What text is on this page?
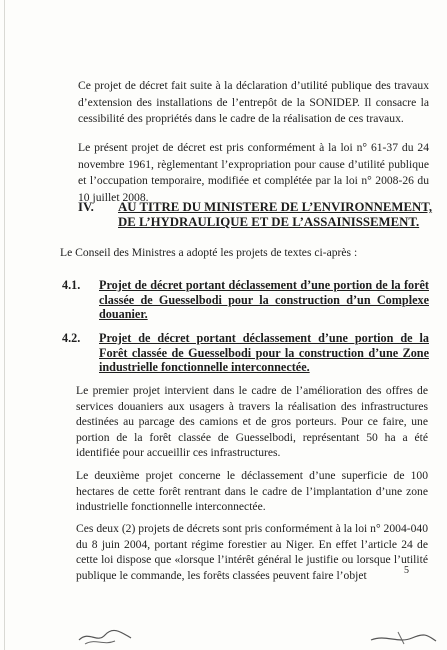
Ce projet de décret fait suite à la déclaration d’utilité publique des travaux d’extension des installations de l’entrepôt de la SONIDEP. Il consacre la cessibilité des propriétés dans le cadre de la réalisation de ces travaux.

Le présent projet de décret est pris conformément à la loi n° 61-37 du 24 novembre 1961, règlementant l’expropriation pour cause d’utilité publique et l’occupation temporaire, modifiée et complétée par la loi n° 2008-26 du 10 juillet 2008.

IV. AU TITRE DU MINISTERE DE L’ENVIRONNEMENT, DE L’HYDRAULIQUE ET DE L’ASSAINISSEMENT.

Le Conseil des Ministres a adopté les projets de textes ci-après :

4.1. Projet de décret portant déclassement d’une portion de la forêt classée de Guesselbodi pour la construction d’un Complexe douanier.
4.2. Projet de décret portant déclassement d’une portion de la Forêt classée de Guesselbodi pour la construction d’une Zone industrielle fonctionnelle interconnectée.

Le premier projet intervient dans le cadre de l’amélioration des offres de services douaniers aux usagers à travers la réalisation des infrastructures destinées au parcage des camions et de gros porteurs. Pour ce faire, une portion de la forêt classée de Guesselbodi, représentant 50 ha a été identifiée pour accueillir ces infrastructures.

Le deuxième projet concerne le déclassement d’une superficie de 100 hectares de cette forêt rentrant dans le cadre de l’implantation d’une zone industrielle fonctionnelle interconnectée.

Ces deux (2) projets de décrets sont pris conformément à la loi n° 2004-040 du 8 juin 2004, portant régime forestier au Niger. En effet l’article 24 de cette loi dispose que «lorsque l’intérêt général le justifie ou lorsque l’utilité publique le commande, les forêts classées peuvent faire l’objet	5
